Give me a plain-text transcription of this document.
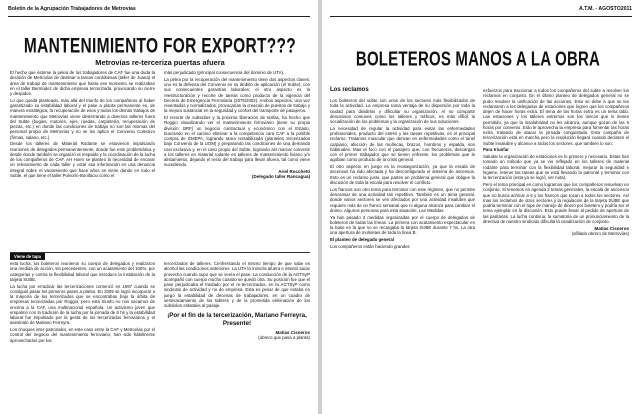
Boletín de la Agrupación Trabajadores de Metrovías
MANTENIMIENTO FOR EXPORT???
Metrovías re-terceriza puertas afuera

El hecho que éstome la pelea de los trabajadores de CAF fue una duda la decisión de Metrovías de destinar a tareas cordobesas (taller de Juana) el área de trabajo de mantenimiento que hasta ese momento se realizaban en el taller Bermúdez de dicha empresa tercerizada, provocando su cierre y despidos.

Lo que queda planteado, más allá del triunfo de los compañeros al haber garantizado su estabilidad laboral y el pase a planta permanente es, de manera estratégica, la recuperación de esos y todos los demás trabajos de mantenimiento que Metrovías viene desterrando a diversos talleres fuera del Subte (bogies, motores, ejes, ruedas, carpintería, recuperación de piezas, etc.) en donde las condiciones de trabajo no son las mismas del personal propio de Metrovías y no se les aplica el Convenio Colectivo (firmas, salario, etc.).

Desde los talleres de Material Rodante se estuvieron impulsando reuniones de delegados permanentemente, donde fue este problemática y desde donde también se organizó el respaldo y la coordinación de la lucha de los compañeros de CAF. AH Hoen se planteó la necesidad de encarar un relevamiento de cada taller y votar esa información en una denuncia integral sobre el vaciamiento que hace años se viene dando en todo el Subte, el que tiene el taller Polvorín-Bonifacio como el

más perjudicado (principal consecuencia del dominio de UTA).

La pelea por la recuperación del mantenimiento tiene dos aspectos claves: uno es la defensa del Convenio en su ámbito de aplicación (el Subte), con sus consecuentes garantías laborales; el otro aspecto es la reestructuración y recorte de tareas como producto de la vigencia del Decreto de Emergencia Ferroviaria (2075/2002). Ambos aspectos, una vez reventados y normalizados, provocarían la creación de puestos de trabajo y la mejora sustancial en la seguridad y confort del transporte de pasajeros.

El recorte de subsidios y la próxima liberación de tarifas, ha hecho que Roggio visualizando ver el mantenimiento ferroviario (tiene su propia división: BRF) un negocio contractual y económico con el Estado, buscando en el camino eliminar a la competencia cara CAF a la posible compra de EMEPA, logrando tarea rentabilizada (planteles tercerizados bajo Convenio de la UOM) y preparando las condiciones de una demanda casi exclusiva y, en el caso propio del Subte, logrando así marcar convertir a los talleres en material rodante en talleres de mantenimiento liviano y/o alistamiento, dejando el resto del trabajo para llevar afuera, tal como viene sucediendo.

Ariel Rocchetti
(Delegado taller Rancagua)
Viene de tapa

esta lucha, los boleteros reunieron su cuerpo de delegados y realizaron una medida de acción, sin precedentes, con un acatamiento del 100%, por categorías y contra la flexibilidad laboral que introduce la instalación de la tarjeta SUBE.

La lucha por erradicar las tercerizaciones comenzó en 1997 cuando se consiguió pasar los primeros pases a planta. En 2005 se logró incorporar a la mayoría de los tercerizados que se encontraban bajo la órbita de empresas tercerizadas por Roggio, pero esta triunfo no nos sacamos de encima a la CAF, una multinacional española. Un activismo joven que empalmó con la tradición de la lucha por la jornada de 6 hs y la estabilidad laboral fue impulsado por la gesta de los tercerizados ferroviarios y el asesinato de Mariano Ferreyra.

Los choques inter-patronales, en este caso entre la CAF y Metrovías por el control del negocio del mantenimiento ferroviario, han sido hábilmente aprovechados por los

tercerizados de talleres. Cenfrentando el mismo tiempo de que sabe es alcohol las condiciones anteriores. La UTA la minoría afuera e intentó sacar provecho cuando supo que se venía el pase. La conducción de la AGTSyP acompañó con cuerpo mucho cuando se quedó otra. Su posición fue que el pase perjudicaba el traslado por el re-tercerizados, en la AGTSyP como sindicato de actividad y no de empresa. Esta es pesar de que estaba en juego la estabilidad de decenas de trabajadores, en un cuadro de semivaciamiento de los talleres y de la prometida eliminación de los subsidios estatales al pasaje.

¡Por el fin de la tercerización, Mariano Ferreyra, Presente!
Matías Cisneros
(obrero que pasa a planta)
A.T.M. - AGOSTO2011
BOLETEROS MANOS A LA OBRA
Los reclamos

Los boleteros del subte son unos de los sectores más flexibilizados de toda la actividad. La empresa toma ventaja de su dispersión por toda la ciudad para dividirlos y dificultar su organización. Al no compartir descansos comunes como los talleres y tráficos, es más difícil la socialización de los problemas y la organización de sus soluciones.

La necesidad de regular la actividad para evitar las enfermedades profesionales, producto del estrés y las tareas repetitivas, es el principal reclamo. Tratamos muscular que derivan en enfermedades como el túnel carpiano, afección de las muñecas, brazos, hombros y espalda, son habituales. Mas el foco con el pasajero que, con frecuencia, descargan con el primer trabajador que se tienen enfrente, los problemas que le agobian como producto de la crisis general.

El otro aspecto en juego es la recategorización, ya que la escala de ascensos ha sido afectada y ha desconfigurado el sistema de ascensos. Esto es un reclamo justo, que partes un problema general que obligue la discusión de toda la escala para resolver el conflicto.

Los francos son otro tema para terminar con este régimen, que no permite descansar de una actividad tan repetitiva. También es un tema general, donde varios sectores se ven afectados por una actividad insalubre que requiere más de un franco semanal que ni alguna alcanza para cambiar el ánimo. Algunos personas para esta situación. Las Medidas

Ya han pasado 2 medidas organizadas por el cuerpo de delegados de boleteros de todas las líneas. La primera con acatamiento espectacular en la base en la que no se recargaba la tarjeta SUBE durante 7 hs. La otra una apertura de molinetes de toda la línea B.

El planteo de delegado general

Los compañeros están haciendo grandes

esfuerzos para traccionar a todos los compañeros del subte a resolver los reclamos en conjunto. En el último planteo de delegados general no se pudo resolver la unificación de las acciones. Esto se debe a que se les reclamaron a los delegados de estaciones que logren que los compañeros dejen de hacer horas extra. El tema de las horas extra es un tema tabú. Las estaciones y los talleres extremos son los únicos que lo tienen permitido, ya que la insalubridad no les alcanza, aunque gozan de las 6 horas por convenio. Esto le aprovecha la empresa para fomentar las horas extra, tratando de atacar la jornada conquistada. Esta campaña de tercerización está en marcha pero la resolución llegará cuando declaren el Subte insalubre y alcance a todos los sectores, que también lo son.

Para triunfar

Saludar la organización de estaciones es lo primero y necesario. Estas han tomado un método que ya se vio reflejado en los talleres de material rodante para terminar con la flexibilidad laboral, mejorar la seguridad e higiene, retener las tareas que se está llevando la patronal y terminar con la tercerización (esta ya se logró, ver nota).

Pero el tema principal es como logramos que los compañeros resuelvan en conjunto. Si tenemos en agenda 2 temas generales, la escala de ascensos que no busca achicar a 6 y los francos que tocan a todos los sectores. Así mas los reclamos de otros sectores y la regulación de la tarjeta SUBE que podría terminar con el tope de manejo de dinero por boletero y podría ser el tema ejemplar en la discusión. Esto puede llevar al pedido de apertura de las paritarias. La lucha continúa, la sumatoria de un pronunciamiento de la directiva de nuestro sindicato dificulta la canalización de conjunto.

Matías Cisneros
(afiliado obrero de Metrovías)
